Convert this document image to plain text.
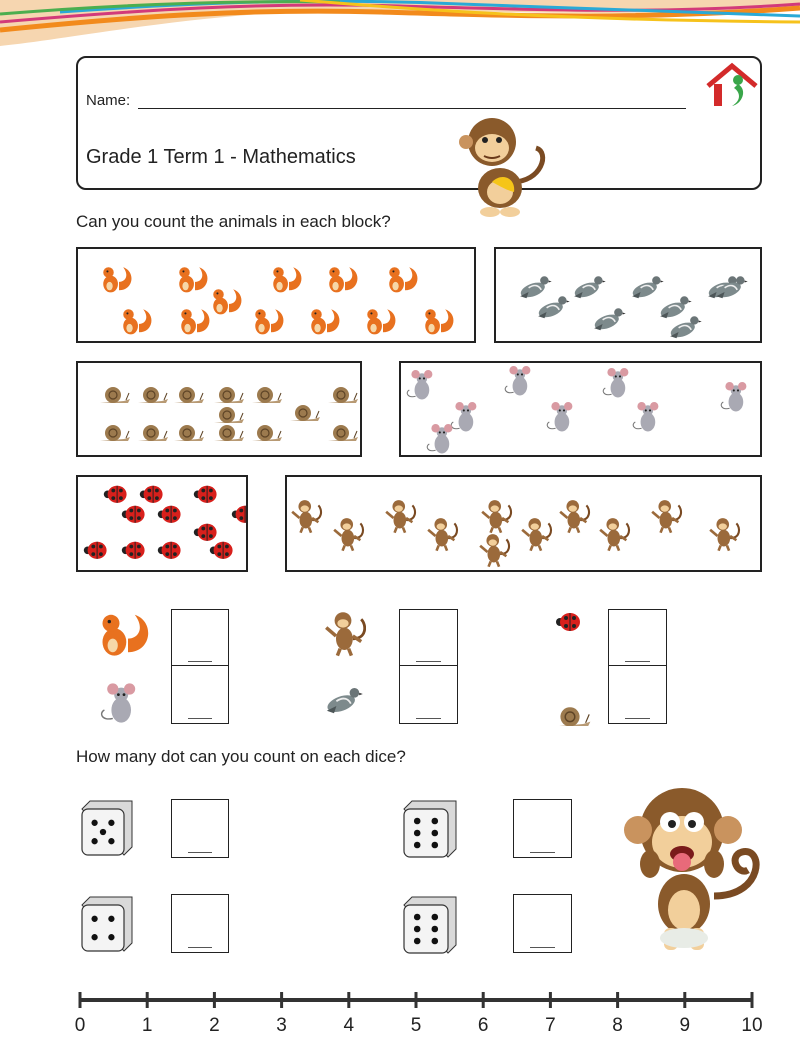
Name:
Grade 1 Term 1 - Mathematics
Can you count the animals in each block?
How many dot can you count on each dice?
0	1	2	3	4	5	6	7	8	9	10
